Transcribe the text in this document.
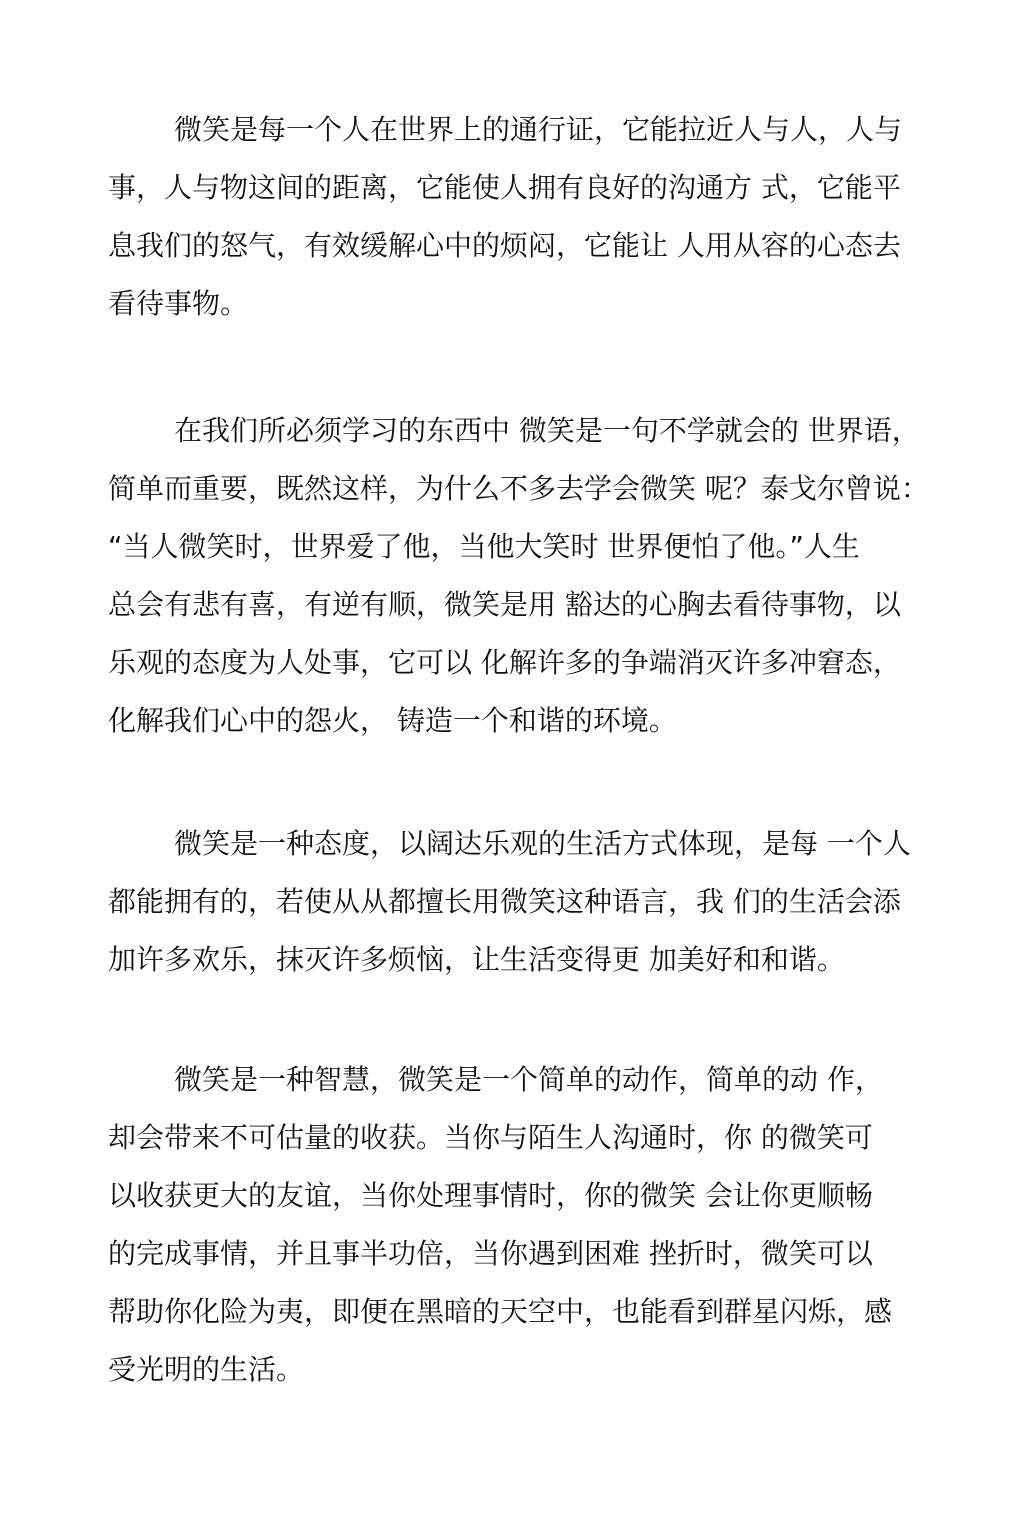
微笑是每一个人在世界上的通行证，它能拉近人与人，人与
事，人与物这间的距离，它能使人拥有良好的沟通方 式，它能平
息我们的怒气，有效缓解心中的烦闷，它能让 人用从容的心态去
看待事物。

在我们所必须学习的东西中 微笑是一句不学就会的 世界语，
简单而重要，既然这样，为什么不多去学会微笑 呢？泰戈尔曾说：
“当人微笑时，世界爱了他，当他大笑时 世界便怕了他。”人生
总会有悲有喜，有逆有顺，微笑是用 豁达的心胸去看待事物，以
乐观的态度为人处事，它可以 化解许多的争端消灭许多冲窘态，
化解我们心中的怨火， 铸造一个和谐的环境。

微笑是一种态度，以阔达乐观的生活方式体现，是每 一个人
都能拥有的，若使从从都擅长用微笑这种语言，我 们的生活会添
加许多欢乐，抹灭许多烦恼，让生活变得更 加美好和和谐。

微笑是一种智慧，微笑是一个简单的动作，简单的动 作，
却会带来不可估量的收获。当你与陌生人沟通时，你 的微笑可
以收获更大的友谊，当你处理事情时，你的微笑 会让你更顺畅
的完成事情，并且事半功倍，当你遇到困难 挫折时，微笑可以
帮助你化险为夷，即便在黑暗的天空中，也能看到群星闪烁，感
受光明的生活。
